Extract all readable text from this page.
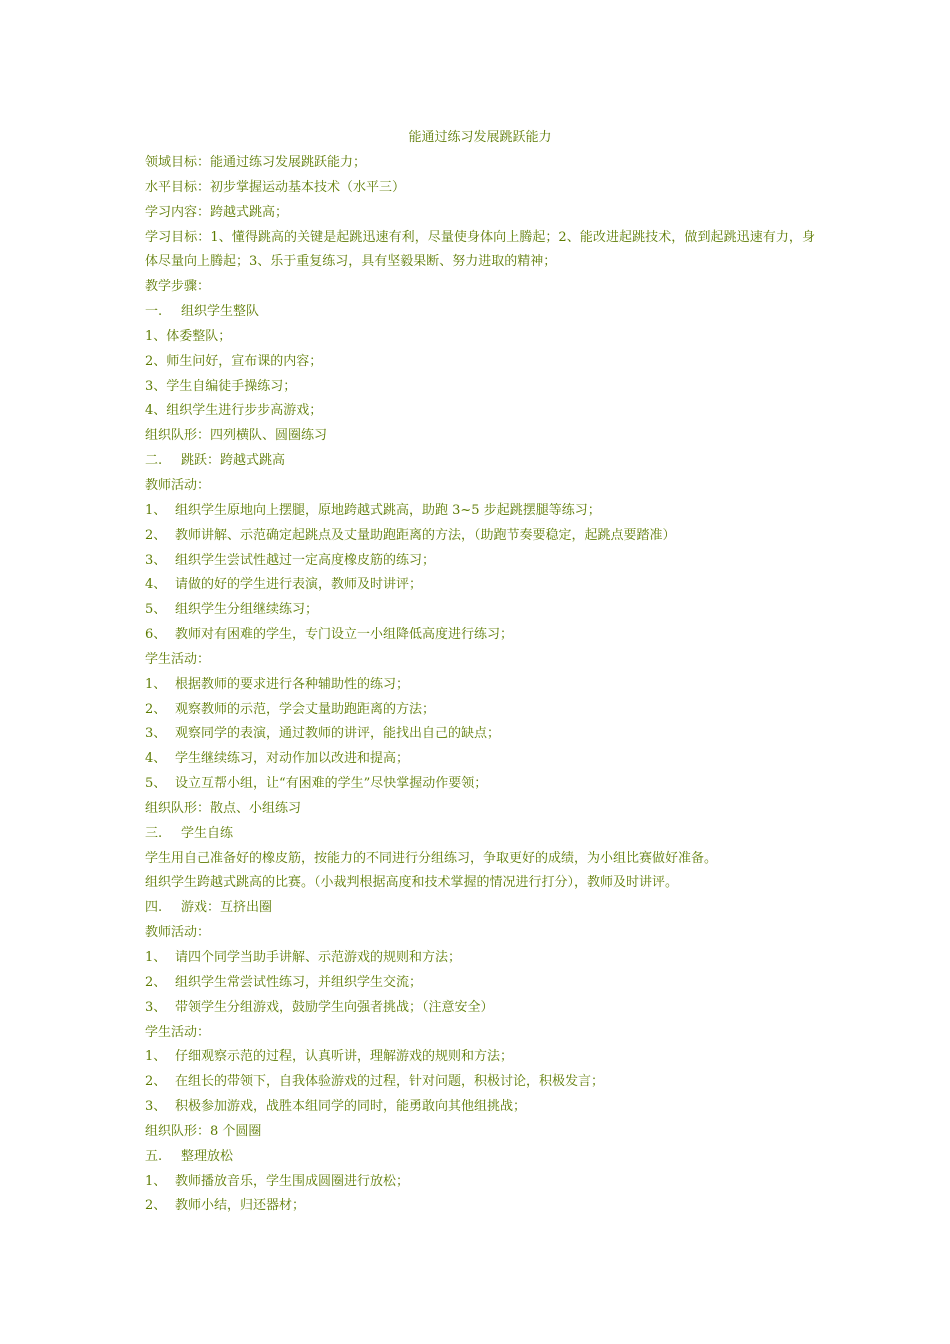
能通过练习发展跳跃能力
领域目标：能通过练习发展跳跃能力；
水平目标：初步掌握运动基本技术（水平三）
学习内容：跨越式跳高；
学习目标：1、懂得跳高的关键是起跳迅速有利，尽量使身体向上腾起；2、能改进起跳技术，做到起跳迅速有力，身体尽量向上腾起；3、乐于重复练习，具有坚毅果断、努力进取的精神；
教学步骤：
一. 组织学生整队
1、体委整队；
2、师生问好，宣布课的内容；
3、学生自编徒手操练习；
4、组织学生进行步步高游戏；
组织队形：四列横队、圆圈练习
二. 跳跃：跨越式跳高
教师活动：
1、 组织学生原地向上摆腿，原地跨越式跳高，助跑 3~5 步起跳摆腿等练习；
2、 教师讲解、示范确定起跳点及丈量助跑距离的方法，（助跑节奏要稳定，起跳点要踏准）
3、 组织学生尝试性越过一定高度橡皮筋的练习；
4、 请做的好的学生进行表演，教师及时讲评；
5、 组织学生分组继续练习；
6、 教师对有困难的学生，专门设立一小组降低高度进行练习；
学生活动：
1、 根据教师的要求进行各种辅助性的练习；
2、 观察教师的示范，学会丈量助跑距离的方法；
3、 观察同学的表演，通过教师的讲评，能找出自己的缺点；
4、 学生继续练习，对动作加以改进和提高；
5、 设立互帮小组，让“有困难的学生”尽快掌握动作要领；
组织队形：散点、小组练习
三. 学生自练
学生用自己准备好的橡皮筋，按能力的不同进行分组练习，争取更好的成绩，为小组比赛做好准备。
组织学生跨越式跳高的比赛。（小裁判根据高度和技术掌握的情况进行打分），教师及时讲评。
四. 游戏：互挤出圈
教师活动：
1、 请四个同学当助手讲解、示范游戏的规则和方法；
2、 组织学生常尝试性练习，并组织学生交流；
3、 带领学生分组游戏，鼓励学生向强者挑战；（注意安全）
学生活动：
1、 仔细观察示范的过程，认真听讲，理解游戏的规则和方法；
2、 在组长的带领下，自我体验游戏的过程，针对问题，积极讨论，积极发言；
3、 积极参加游戏，战胜本组同学的同时，能勇敢向其他组挑战；
组织队形：8 个圆圈
五. 整理放松
1、 教师播放音乐，学生围成圆圈进行放松；
2、 教师小结，归还器材；
